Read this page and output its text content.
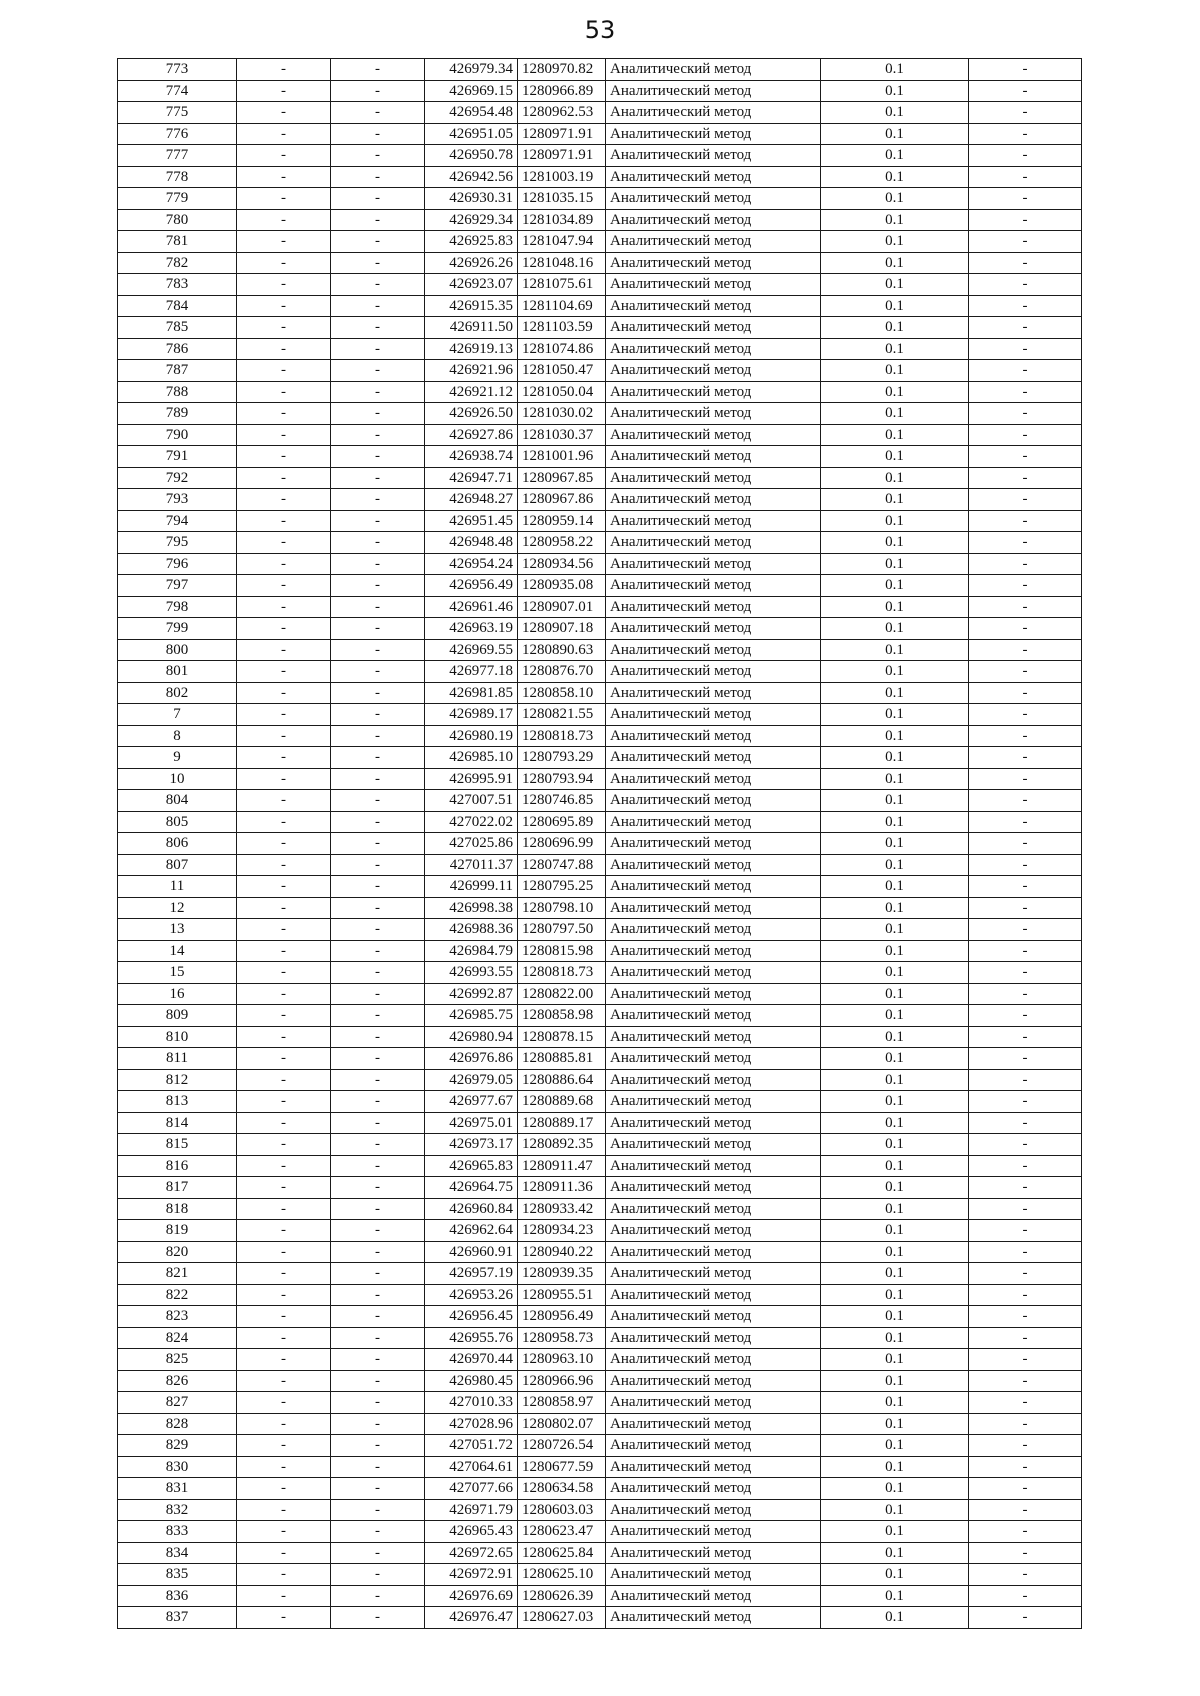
53
773	-	-	426979.34	1280970.82	Аналитический метод	0.1	-
774	-	-	426969.15	1280966.89	Аналитический метод	0.1	-
775	-	-	426954.48	1280962.53	Аналитический метод	0.1	-
776	-	-	426951.05	1280971.91	Аналитический метод	0.1	-
777	-	-	426950.78	1280971.91	Аналитический метод	0.1	-
778	-	-	426942.56	1281003.19	Аналитический метод	0.1	-
779	-	-	426930.31	1281035.15	Аналитический метод	0.1	-
780	-	-	426929.34	1281034.89	Аналитический метод	0.1	-
781	-	-	426925.83	1281047.94	Аналитический метод	0.1	-
782	-	-	426926.26	1281048.16	Аналитический метод	0.1	-
783	-	-	426923.07	1281075.61	Аналитический метод	0.1	-
784	-	-	426915.35	1281104.69	Аналитический метод	0.1	-
785	-	-	426911.50	1281103.59	Аналитический метод	0.1	-
786	-	-	426919.13	1281074.86	Аналитический метод	0.1	-
787	-	-	426921.96	1281050.47	Аналитический метод	0.1	-
788	-	-	426921.12	1281050.04	Аналитический метод	0.1	-
789	-	-	426926.50	1281030.02	Аналитический метод	0.1	-
790	-	-	426927.86	1281030.37	Аналитический метод	0.1	-
791	-	-	426938.74	1281001.96	Аналитический метод	0.1	-
792	-	-	426947.71	1280967.85	Аналитический метод	0.1	-
793	-	-	426948.27	1280967.86	Аналитический метод	0.1	-
794	-	-	426951.45	1280959.14	Аналитический метод	0.1	-
795	-	-	426948.48	1280958.22	Аналитический метод	0.1	-
796	-	-	426954.24	1280934.56	Аналитический метод	0.1	-
797	-	-	426956.49	1280935.08	Аналитический метод	0.1	-
798	-	-	426961.46	1280907.01	Аналитический метод	0.1	-
799	-	-	426963.19	1280907.18	Аналитический метод	0.1	-
800	-	-	426969.55	1280890.63	Аналитический метод	0.1	-
801	-	-	426977.18	1280876.70	Аналитический метод	0.1	-
802	-	-	426981.85	1280858.10	Аналитический метод	0.1	-
7	-	-	426989.17	1280821.55	Аналитический метод	0.1	-
8	-	-	426980.19	1280818.73	Аналитический метод	0.1	-
9	-	-	426985.10	1280793.29	Аналитический метод	0.1	-
10	-	-	426995.91	1280793.94	Аналитический метод	0.1	-
804	-	-	427007.51	1280746.85	Аналитический метод	0.1	-
805	-	-	427022.02	1280695.89	Аналитический метод	0.1	-
806	-	-	427025.86	1280696.99	Аналитический метод	0.1	-
807	-	-	427011.37	1280747.88	Аналитический метод	0.1	-
11	-	-	426999.11	1280795.25	Аналитический метод	0.1	-
12	-	-	426998.38	1280798.10	Аналитический метод	0.1	-
13	-	-	426988.36	1280797.50	Аналитический метод	0.1	-
14	-	-	426984.79	1280815.98	Аналитический метод	0.1	-
15	-	-	426993.55	1280818.73	Аналитический метод	0.1	-
16	-	-	426992.87	1280822.00	Аналитический метод	0.1	-
809	-	-	426985.75	1280858.98	Аналитический метод	0.1	-
810	-	-	426980.94	1280878.15	Аналитический метод	0.1	-
811	-	-	426976.86	1280885.81	Аналитический метод	0.1	-
812	-	-	426979.05	1280886.64	Аналитический метод	0.1	-
813	-	-	426977.67	1280889.68	Аналитический метод	0.1	-
814	-	-	426975.01	1280889.17	Аналитический метод	0.1	-
815	-	-	426973.17	1280892.35	Аналитический метод	0.1	-
816	-	-	426965.83	1280911.47	Аналитический метод	0.1	-
817	-	-	426964.75	1280911.36	Аналитический метод	0.1	-
818	-	-	426960.84	1280933.42	Аналитический метод	0.1	-
819	-	-	426962.64	1280934.23	Аналитический метод	0.1	-
820	-	-	426960.91	1280940.22	Аналитический метод	0.1	-
821	-	-	426957.19	1280939.35	Аналитический метод	0.1	-
822	-	-	426953.26	1280955.51	Аналитический метод	0.1	-
823	-	-	426956.45	1280956.49	Аналитический метод	0.1	-
824	-	-	426955.76	1280958.73	Аналитический метод	0.1	-
825	-	-	426970.44	1280963.10	Аналитический метод	0.1	-
826	-	-	426980.45	1280966.96	Аналитический метод	0.1	-
827	-	-	427010.33	1280858.97	Аналитический метод	0.1	-
828	-	-	427028.96	1280802.07	Аналитический метод	0.1	-
829	-	-	427051.72	1280726.54	Аналитический метод	0.1	-
830	-	-	427064.61	1280677.59	Аналитический метод	0.1	-
831	-	-	427077.66	1280634.58	Аналитический метод	0.1	-
832	-	-	426971.79	1280603.03	Аналитический метод	0.1	-
833	-	-	426965.43	1280623.47	Аналитический метод	0.1	-
834	-	-	426972.65	1280625.84	Аналитический метод	0.1	-
835	-	-	426972.91	1280625.10	Аналитический метод	0.1	-
836	-	-	426976.69	1280626.39	Аналитический метод	0.1	-
837	-	-	426976.47	1280627.03	Аналитический метод	0.1	-
